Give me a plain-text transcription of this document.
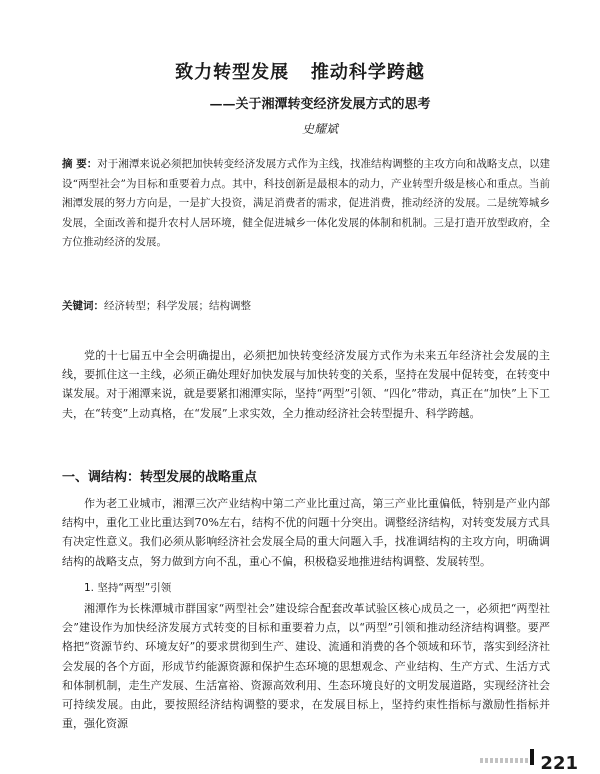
致力转型发展   推动科学跨越
——关于湘潭转变经济发展方式的思考
史耀斌
摘 要：对于湘潭来说必须把加快转变经济发展方式作为主线，找准结构调整的主攻方向和战略支点，以建设“两型社会”为目标和重要着力点。其中，科技创新是最根本的动力，产业转型升级是核心和重点。当前湘潭发展的努力方向是，一是扩大投资，满足消费者的需求，促进消费，推动经济的发展。二是统筹城乡发展，全面改善和提升农村人居环境，健全促进城乡一体化发展的体制和机制。三是打造开放型政府，全方位推动经济的发展。
关键词：经济转型；科学发展；结构调整

党的十七届五中全会明确提出，必须把加快转变经济发展方式作为未来五年经济社会发展的主线，要抓住这一主线，必须正确处理好加快发展与加快转变的关系，坚持在发展中促转变，在转变中谋发展。对于湘潭来说，就是要紧扣湘潭实际，坚持“两型”引领、“四化”带动，真正在“加快”上下工夫，在“转变”上动真格，在“发展”上求实效，全力推动经济社会转型提升、科学跨越。

一、调结构：转型发展的战略重点

作为老工业城市，湘潭三次产业结构中第二产业比重过高，第三产业比重偏低，特别是产业内部结构中，重化工业比重达到70%左右，结构不优的问题十分突出。调整经济结构，对转变发展方式具有决定性意义。我们必须从影响经济社会发展全局的重大问题入手，找准调结构的主攻方向，明确调结构的战略支点，努力做到方向不乱，重心不偏，积极稳妥地推进结构调整、发展转型。

1. 坚持“两型”引领

湘潭作为长株潭城市群国家“两型社会”建设综合配套改革试验区核心成员之一，必须把“两型社会”建设作为加快经济发展方式转变的目标和重要着力点，以“两型”引领和推动经济结构调整。要严格把“资源节约、环境友好”的要求贯彻到生产、建设、流通和消费的各个领域和环节，落实到经济社会发展的各个方面，形成节约能源资源和保护生态环境的思想观念、产业结构、生产方式、生活方式和体制机制，走生产发展、生活富裕、资源高效利用、生态环境良好的文明发展道路，实现经济社会可持续发展。由此，要按照经济结构调整的要求，在发展目标上，坚持约束性指标与激励性指标并重，强化资源

221
